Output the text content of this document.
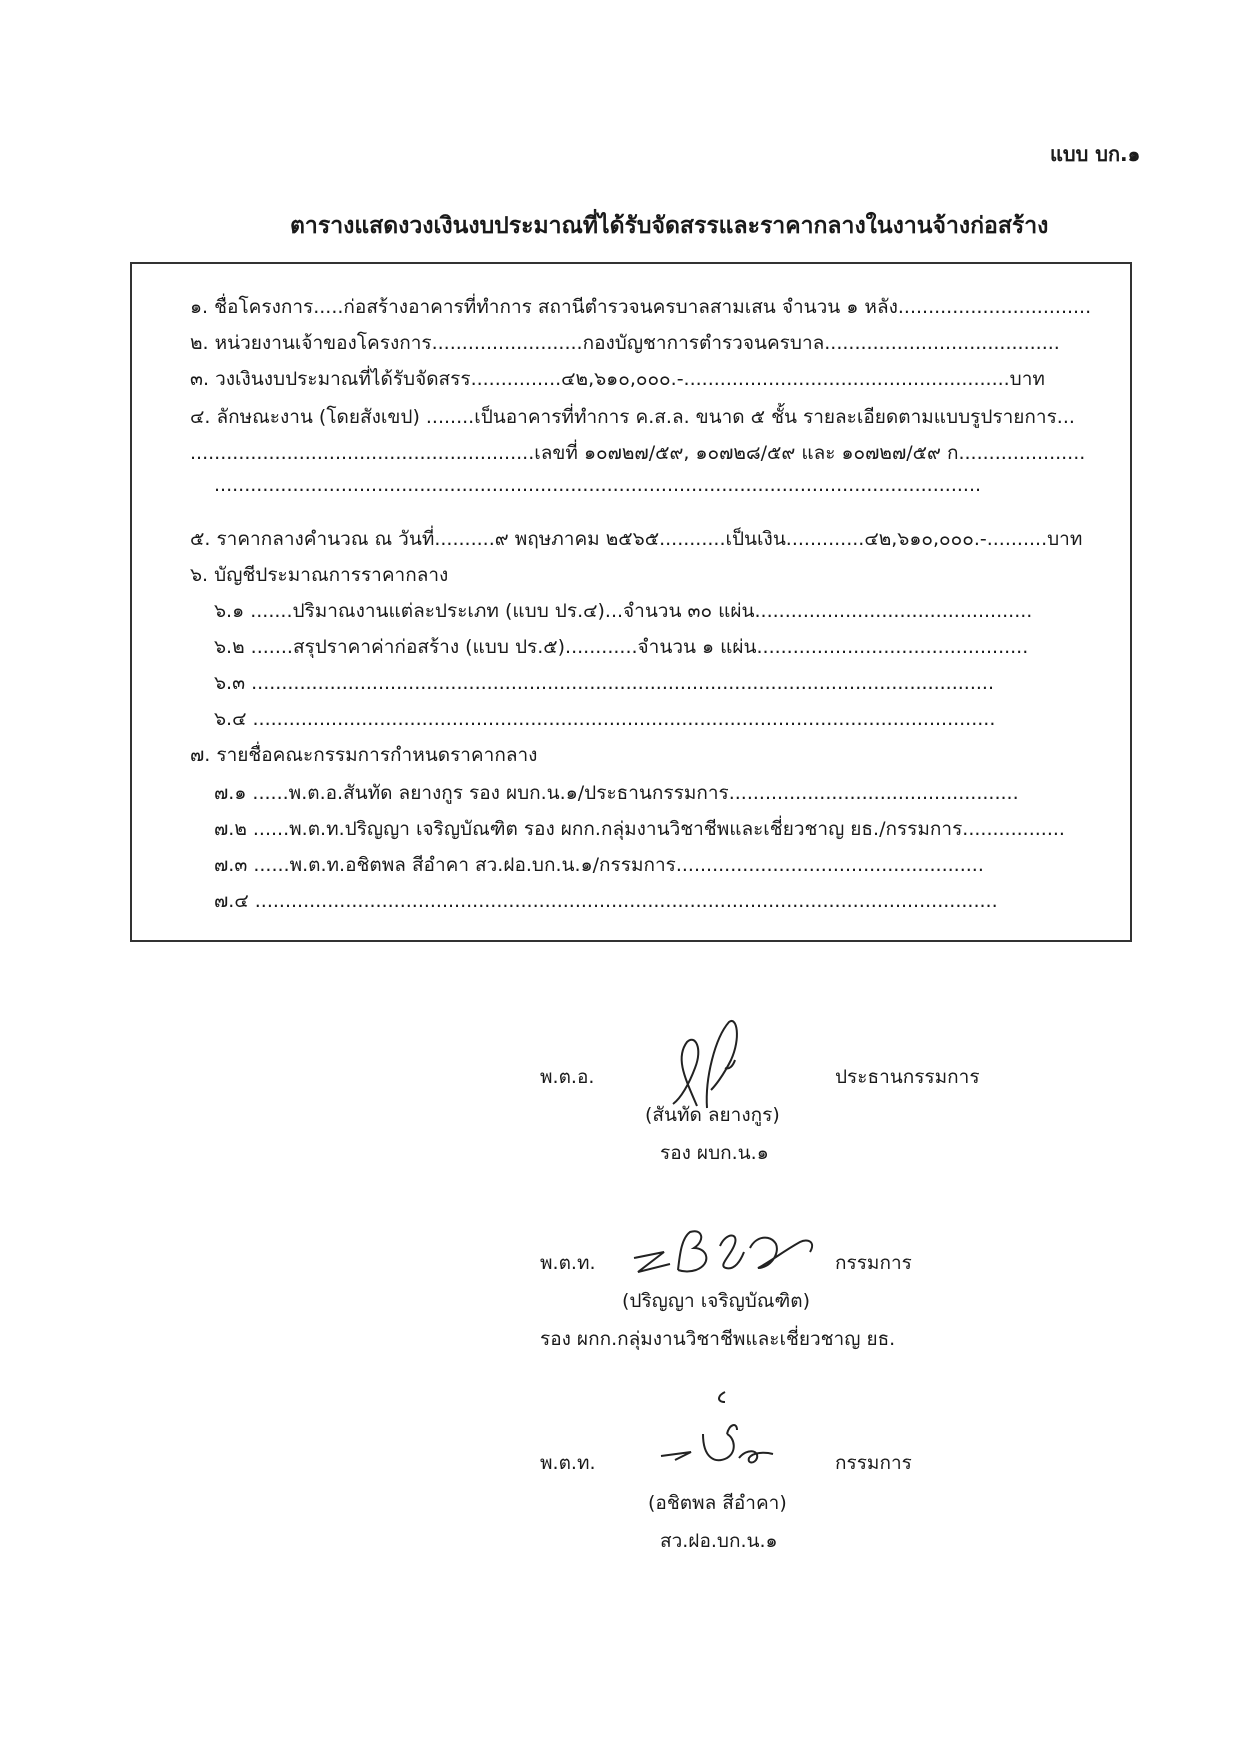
แบบ บก.๑
ตารางแสดงวงเงินงบประมาณที่ได้รับจัดสรรและราคากลางในงานจ้างก่อสร้าง
๑. ชื่อโครงการ.....ก่อสร้างอาคารที่ทำการ สถานีตำรวจนครบาลสามเสน จำนวน ๑ หลัง................................
๒. หน่วยงานเจ้าของโครงการ.........................กองบัญชาการตำรวจนครบาล.......................................
๓. วงเงินงบประมาณที่ได้รับจัดสรร...............๔๒,๖๑๐,๐๐๐.-......................................................บาท
๔. ลักษณะงาน (โดยสังเขป) ........เป็นอาคารที่ทำการ ค.ส.ล. ขนาด ๕ ชั้น รายละเอียดตามแบบรูปรายการ...
.........................................................เลขที่ ๑๐๗๒๗/๕๙, ๑๐๗๒๘/๕๙ และ ๑๐๗๒๗/๕๙ ก.....................
...............................................................................................................................
๕. ราคากลางคำนวณ ณ วันที่..........๙ พฤษภาคม ๒๕๖๕...........เป็นเงิน.............๔๒,๖๑๐,๐๐๐.-..........บาท
๖. บัญชีประมาณการราคากลาง
๖.๑ .......ปริมาณงานแต่ละประเภท (แบบ ปร.๔)...จำนวน ๓๐ แผ่น..............................................
๖.๒ .......สรุปราคาค่าก่อสร้าง (แบบ ปร.๕)............จำนวน ๑ แผ่น.............................................
๖.๓ ...........................................................................................................................
๖.๔ ...........................................................................................................................
๗. รายชื่อคณะกรรมการกำหนดราคากลาง
๗.๑ ......พ.ต.อ.สันทัด ลยางกูร รอง ผบก.น.๑/ประธานกรรมการ................................................
๗.๒ ......พ.ต.ท.ปริญญา เจริญบัณฑิต รอง ผกก.กลุ่มงานวิชาชีพและเชี่ยวชาญ ยธ./กรรมการ.................
๗.๓ ......พ.ต.ท.อชิตพล สีอำคา สว.ฝอ.บก.น.๑/กรรมการ...................................................
๗.๔ ...........................................................................................................................
พ.ต.อ.	ประธานกรรมการ
(สันทัด ลยางกูร)
รอง ผบก.น.๑
พ.ต.ท.	กรรมการ
(ปริญญา เจริญบัณฑิต)
รอง ผกก.กลุ่มงานวิชาชีพและเชี่ยวชาญ ยธ.
พ.ต.ท.	กรรมการ
(อชิตพล สีอำคา)
สว.ฝอ.บก.น.๑
